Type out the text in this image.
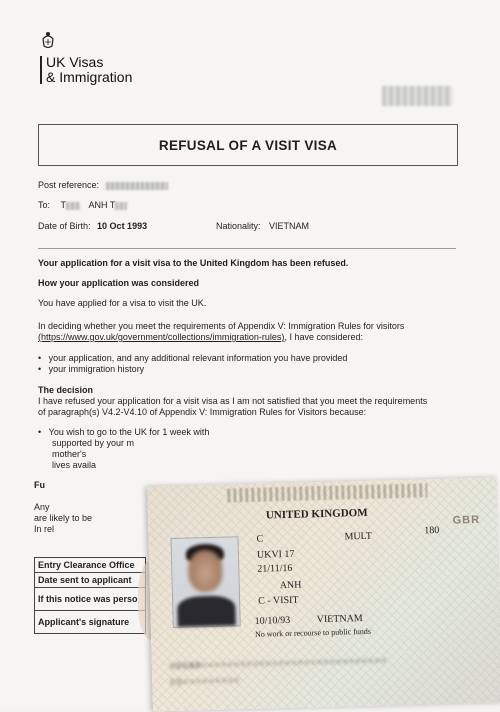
UK Visas
& Immigration
REFUSAL OF A VISIT VISA
Post reference:
To: T	ANH T
Date of Birth: 10 Oct 1993	Nationality: VIETNAM
Your application for a visit visa to the United Kingdom has been refused.
How your application was considered
You have applied for a visa to visit the UK.
In deciding whether you meet the requirements of Appendix V: Immigration Rules for visitors
(https://www.gov.uk/government/collections/immigration-rules), I have considered:
•   your application, and any additional relevant information you have provided
•   your immigration history
The decision
I have refused your application for a visit visa as I am not satisfied that you meet the requirements
of paragraph(s) V4.2-V4.10 of Appendix V: Immigration Rules for Visitors because:
•   You wish to go to the UK for 1 week with
supported by your m
mother's
lives availa
Fu
Any
are likely to be
In rel
Entry Clearance Office
Date sent to applicant
If this notice was perso
Applicant's signature
GBR
UNITED KINGDOM
C	MULT
180
UKVI 17
21/11/16
ANH
C - VISIT
10/10/93	VIETNAM
No work or recourse to public funds
VDGBR<<<<<<<<<<<<<<<<<<<<<<<<<<<<<
C5<<<<<<<<<
